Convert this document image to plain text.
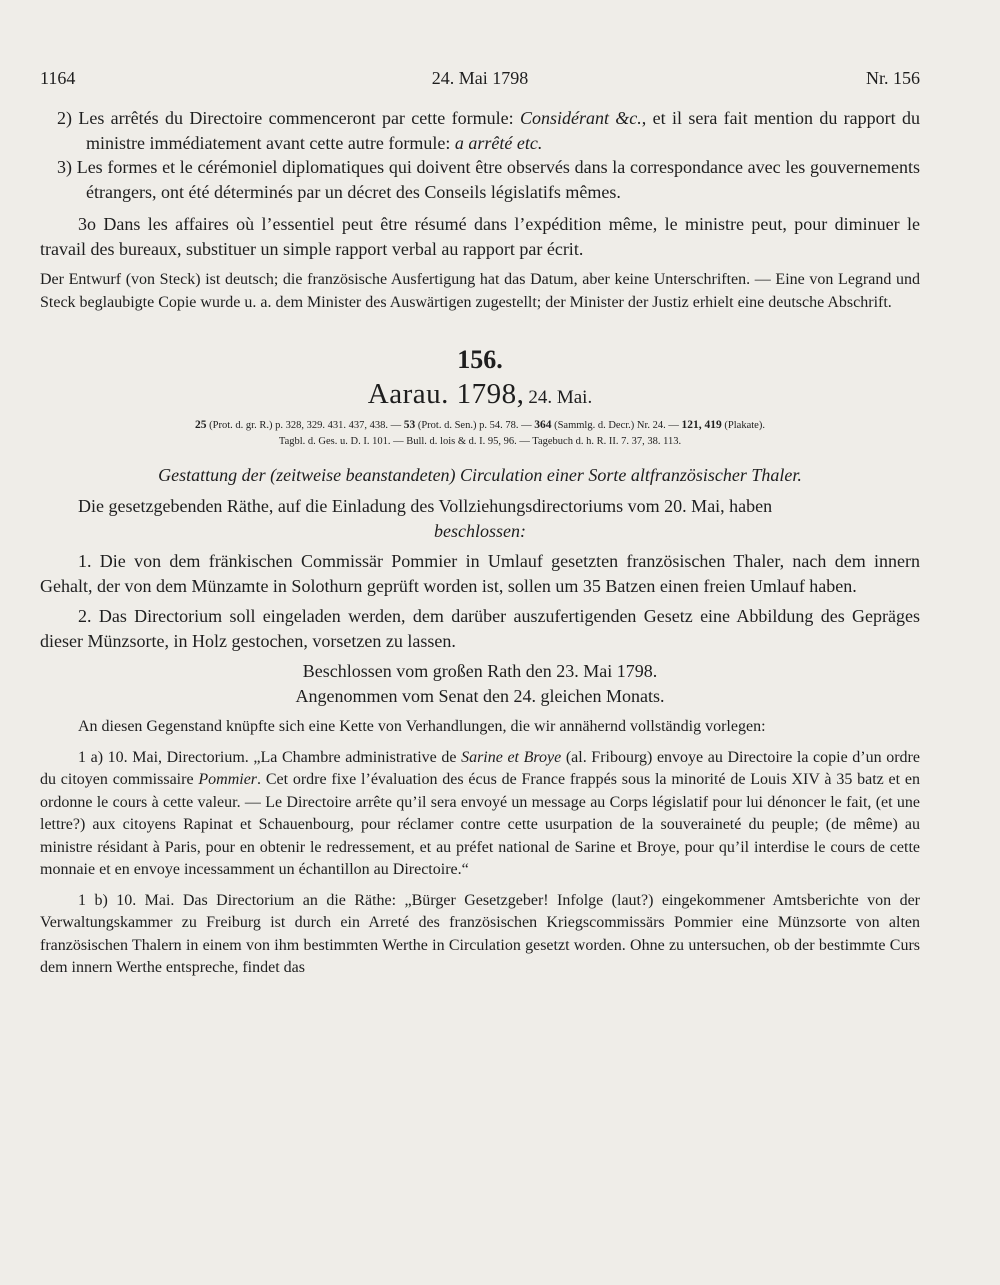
1164	24. Mai 1798	Nr. 156

2) Les arrêtés du Directoire commenceront par cette formule: Considérant &c., et il sera fait mention du rapport du ministre immédiatement avant cette autre formule: a arrêté etc.

3) Les formes et le cérémoniel diplomatiques qui doivent être observés dans la correspondance avec les gouvernements étrangers, ont été déterminés par un décret des Conseils législatifs mêmes.

3o Dans les affaires où l’essentiel peut être résumé dans l’expédition même, le ministre peut, pour diminuer le travail des bureaux, substituer un simple rapport verbal au rapport par écrit.

Der Entwurf (von Steck) ist deutsch; die französische Ausfertigung hat das Datum, aber keine Unterschriften. — Eine von Legrand und Steck beglaubigte Copie wurde u. a. dem Minister des Auswärtigen zugestellt; der Minister der Justiz erhielt eine deutsche Abschrift.

156.
Aarau. 1798, 24. Mai.
25 (Prot. d. gr. R.) p. 328, 329. 431. 437, 438. — 53 (Prot. d. Sen.) p. 54. 78. — 364 (Sammlg. d. Decr.) Nr. 24. — 121, 419 (Plakate).
Tagbl. d. Ges. u. D. I. 101. — Bull. d. lois & d. I. 95, 96. — Tagebuch d. h. R. II. 7. 37, 38. 113.
Gestattung der (zeitweise beanstandeten) Circulation einer Sorte altfranzösischer Thaler.

Die gesetzgebenden Räthe, auf die Einladung des Vollziehungsdirectoriums vom 20. Mai, haben

beschlossen:

1. Die von dem fränkischen Commissär Pommier in Umlauf gesetzten französischen Thaler, nach dem innern Gehalt, der von dem Münzamte in Solothurn geprüft worden ist, sollen um 35 Batzen einen freien Umlauf haben.

2. Das Directorium soll eingeladen werden, dem darüber auszufertigenden Gesetz eine Abbildung des Gepräges dieser Münzsorte, in Holz gestochen, vorsetzen zu lassen.

Beschlossen vom großen Rath den 23. Mai 1798.

Angenommen vom Senat den 24. gleichen Monats.

An diesen Gegenstand knüpfte sich eine Kette von Verhandlungen, die wir annähernd vollständig vorlegen:

1 a) 10. Mai, Directorium. „La Chambre administrative de Sarine et Broye (al. Fribourg) envoye au Directoire la copie d’un ordre du citoyen commissaire Pommier. Cet ordre fixe l’évaluation des écus de France frappés sous la minorité de Louis XIV à 35 batz et en ordonne le cours à cette valeur. — Le Directoire arrête qu’il sera envoyé un message au Corps législatif pour lui dénoncer le fait, (et une lettre?) aux citoyens Rapinat et Schauenbourg, pour réclamer contre cette usurpation de la souveraineté du peuple; (de même) au ministre résidant à Paris, pour en obtenir le redressement, et au préfet national de Sarine et Broye, pour qu’il interdise le cours de cette monnaie et en envoye incessamment un échantillon au Directoire.“

1 b) 10. Mai. Das Directorium an die Räthe: „Bürger Gesetzgeber! Infolge (laut?) eingekommener Amtsberichte von der Verwaltungskammer zu Freiburg ist durch ein Arreté des französischen Kriegscommissärs Pommier eine Münzsorte von alten französischen Thalern in einem von ihm bestimmten Werthe in Circulation gesetzt worden. Ohne zu untersuchen, ob der bestimmte Curs dem innern Werthe entspreche, findet das
